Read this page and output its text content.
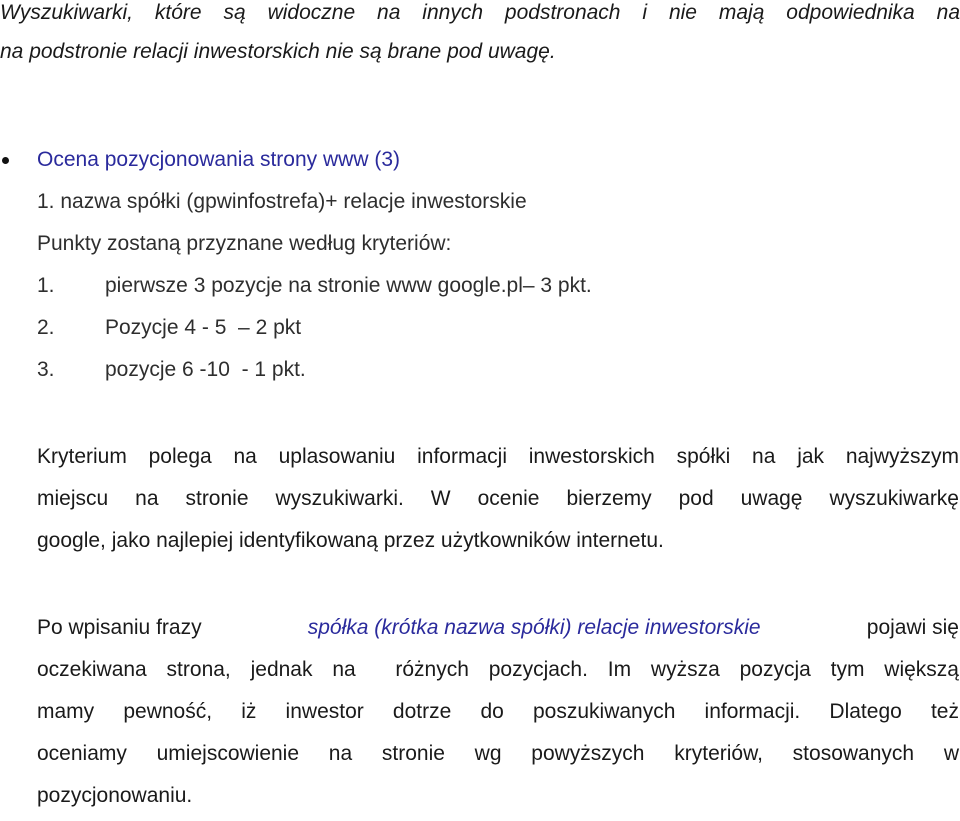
Wyszukiwarki, które są widoczne na innych podstronach i nie mają odpowiednika na
na podstronie relacji inwestorskich nie są brane pod uwagę.
Ocena pozycjonowania strony www (3)
1. nazwa spółki (gpwinfostrefa)+ relacje inwestorskie
Punkty zostaną przyznane według kryteriów:
1. pierwsze 3 pozycje na stronie www google.pl– 3 pkt.
2. Pozycje 4 - 5  – 2 pkt
3. pozycje 6 -10  - 1 pkt.
Kryterium polega na uplasowaniu informacji inwestorskich spółki na jak najwyższym
miejscu na stronie wyszukiwarki. W ocenie bierzemy pod uwagę wyszukiwarkę
google, jako najlepiej identyfikowaną przez użytkowników internetu.
Po wpisaniu frazy	spółka (krótka nazwa spółki) relacje inwestorskie	pojawi się
oczekiwana strona, jednak na  różnych pozycjach. Im wyższa pozycja tym większą
mamy pewność, iż inwestor dotrze do poszukiwanych informacji. Dlatego też
oceniamy umiejscowienie na stronie wg powyższych kryteriów, stosowanych w
pozycjonowaniu.
